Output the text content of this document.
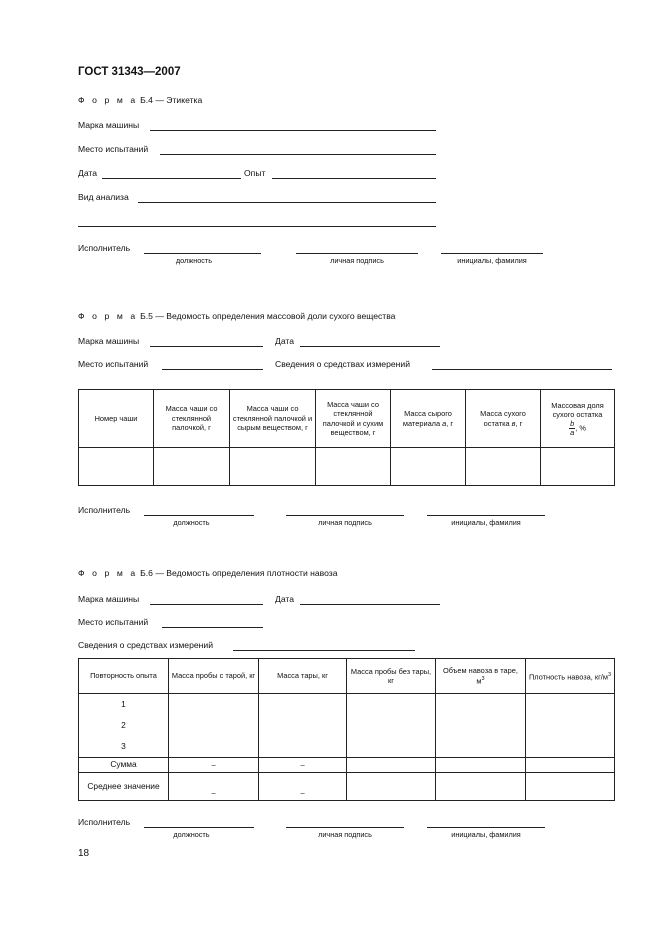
ГОСТ 31343—2007
Ф о р м а Б.4 — Этикетка
Марка машины
Место испытаний
Дата	Опыт
Вид анализа
Исполнитель
должность	личная подпись	инициалы, фамилия
Ф о р м а Б.5 — Ведомость определения массовой доли сухого вещества
Марка машины	Дата
Место испытаний	Сведения о средствах измерений
Номер чаши	Масса чаши со стеклянной палочкой, г	Масса чаши со стеклянной палочкой и сырым веществом, г	Масса чаши со стеклянной палочкой и сухим веществом, г	Масса сырого материала a, г	Масса сухого остатка в, г	Массовая доля сухого остатка

$\frac{b}{a}$ , %

Исполнитель
должность	личная подпись	инициалы, фамилия
Ф о р м а Б.6 — Ведомость определения плотности навоза
Марка машины	Дата
Место испытаний
Сведения о средствах измерений
Повторность опыта	Масса пробы с тарой, кг	Масса тары, кг	Масса пробы без тары, кг	Объем навоза в таре, $м^3$	Плотность навоза, $кг/м^3$

1
2
3					

Сумма	–	–			
Среднее значение	–	–			
Исполнитель
должность	личная подпись	инициалы, фамилия
18
